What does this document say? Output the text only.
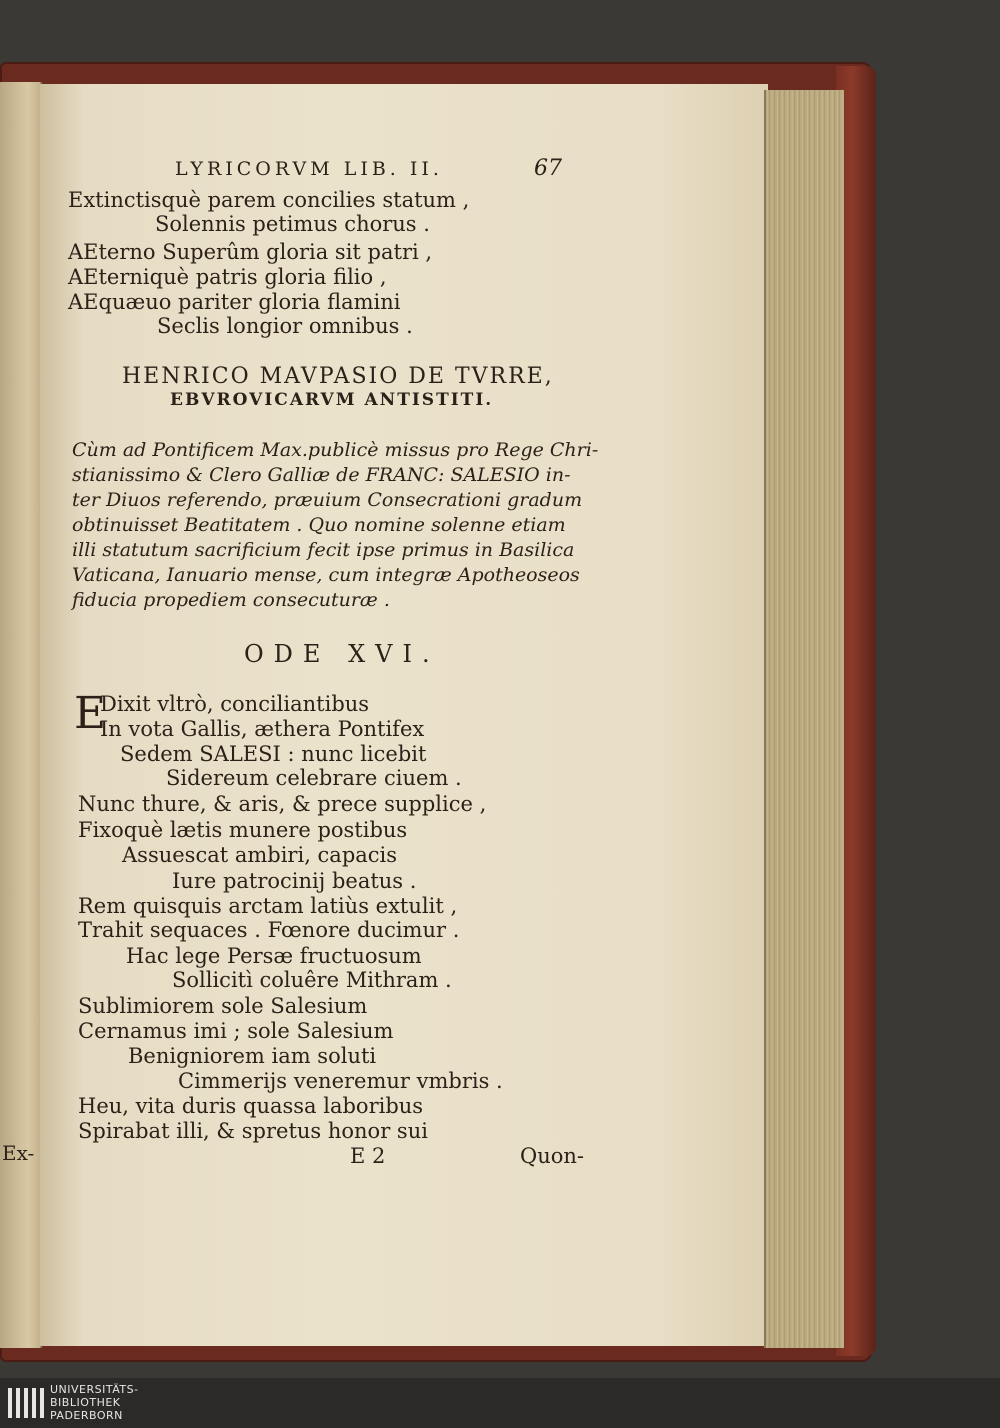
Ex-
LYRICORVM LIB. II.	67
Extinctisquè parem concilies statum ,
Solennis petimus chorus .
AEterno Superûm gloria sit patri ,
AEterniquè patris gloria filio ,
AEquæuo pariter gloria flamini
Seclis longior omnibus .
HENRICO MAVPASIO DE TVRRE,
EBVROVICARVM ANTISTITI.
Cùm ad Pontificem Max.publicè missus pro Rege Chri-
stianissimo & Clero Galliæ de FRANC: SALESIO in-
ter Diuos referendo, præuium Consecrationi gradum
obtinuisset Beatitatem . Quo nomine solenne etiam
illi statutum sacrificium fecit ipse primus in Basilica
Vaticana, Ianuario mense, cum integræ Apotheoseos
fiducia propediem consecuturæ .
ODE XVI.
E
Dixit vltrò, conciliantibus
In vota Gallis, æthera Pontifex
Sedem SALESI : nunc licebit
Sidereum celebrare ciuem .
Nunc thure, & aris, & prece supplice ,
Fixoquè lætis munere postibus
Assuescat ambiri, capacis
Iure patrocinij beatus .
Rem quisquis arctam latiùs extulit ,
Trahit sequaces . Fœnore ducimur .
Hac lege Persæ fructuosum
Sollicitì coluêre Mithram .
Sublimiorem sole Salesium
Cernamus imi ; sole Salesium
Benigniorem iam soluti
Cimmerijs veneremur vmbris .
Heu, vita duris quassa laboribus
Spirabat illi, & spretus honor sui
E 2	Quon-
UNIVERSITÄTS-
BIBLIOTHEK
PADERBORN
